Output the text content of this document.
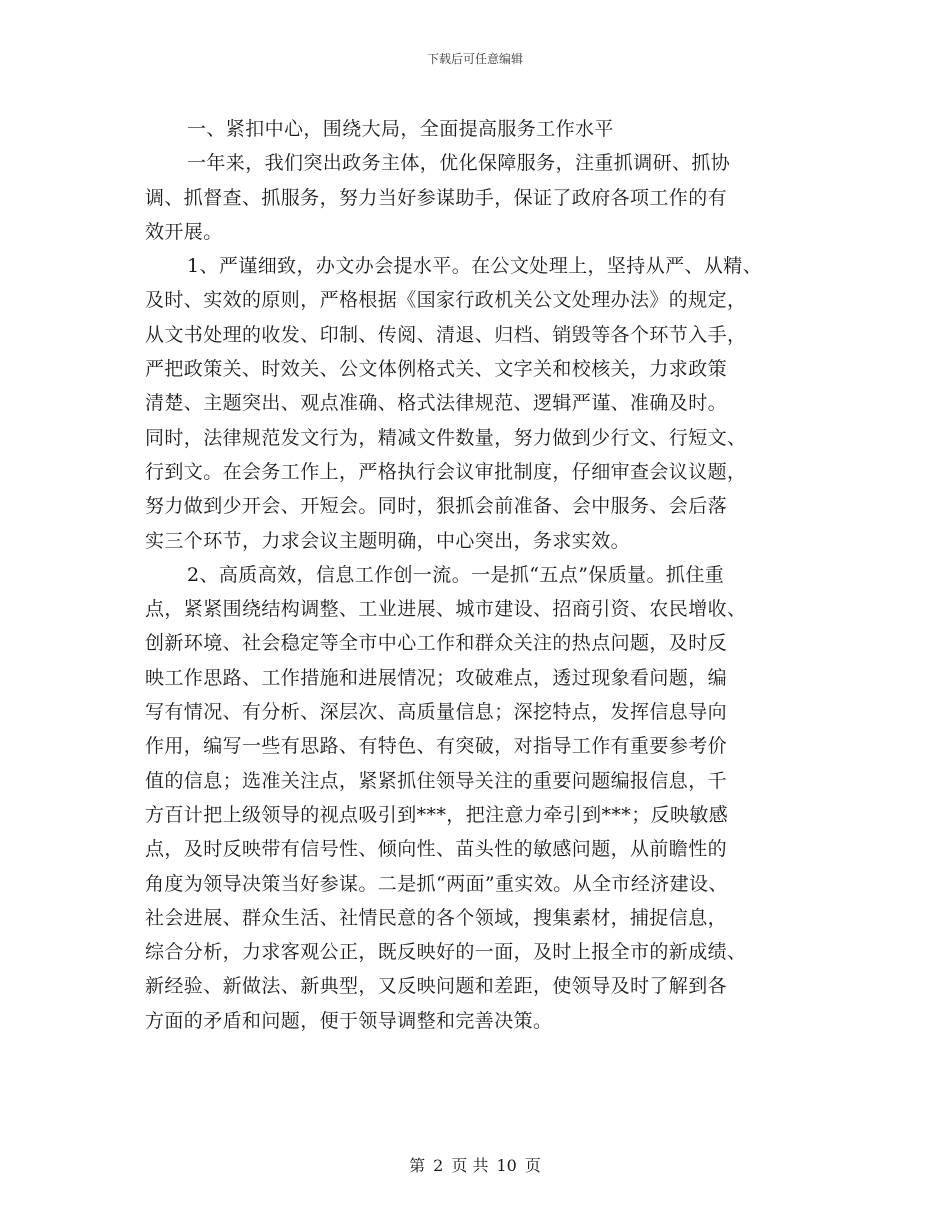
下载后可任意编辑
一、紧扣中心，围绕大局，全面提高服务工作水平
一年来，我们突出政务主体，优化保障服务，注重抓调研、抓协
调、抓督查、抓服务，努力当好参谋助手，保证了政府各项工作的有
效开展。
1、严谨细致，办文办会提水平。在公文处理上，坚持从严、从精、
及时、实效的原则，严格根据《国家行政机关公文处理办法》的规定，
从文书处理的收发、印制、传阅、清退、归档、销毁等各个环节入手，
严把政策关、时效关、公文体例格式关、文字关和校核关，力求政策
清楚、主题突出、观点准确、格式法律规范、逻辑严谨、准确及时。
同时，法律规范发文行为，精减文件数量，努力做到少行文、行短文、
行到文。在会务工作上，严格执行会议审批制度，仔细审查会议议题，
努力做到少开会、开短会。同时，狠抓会前准备、会中服务、会后落
实三个环节，力求会议主题明确，中心突出，务求实效。
2、高质高效，信息工作创一流。一是抓“五点”保质量。抓住重
点，紧紧围绕结构调整、工业进展、城市建设、招商引资、农民增收、
创新环境、社会稳定等全市中心工作和群众关注的热点问题，及时反
映工作思路、工作措施和进展情况；攻破难点，透过现象看问题，编
写有情况、有分析、深层次、高质量信息；深挖特点，发挥信息导向
作用，编写一些有思路、有特色、有突破，对指导工作有重要参考价
值的信息；选准关注点，紧紧抓住领导关注的重要问题编报信息，千
方百计把上级领导的视点吸引到***，把注意力牵引到***；反映敏感
点，及时反映带有信号性、倾向性、苗头性的敏感问题，从前瞻性的
角度为领导决策当好参谋。二是抓“两面”重实效。从全市经济建设、
社会进展、群众生活、社情民意的各个领域，搜集素材，捕捉信息，
综合分析，力求客观公正，既反映好的一面，及时上报全市的新成绩、
新经验、新做法、新典型，又反映问题和差距，使领导及时了解到各
方面的矛盾和问题，便于领导调整和完善决策。
第 2 页 共 10 页
